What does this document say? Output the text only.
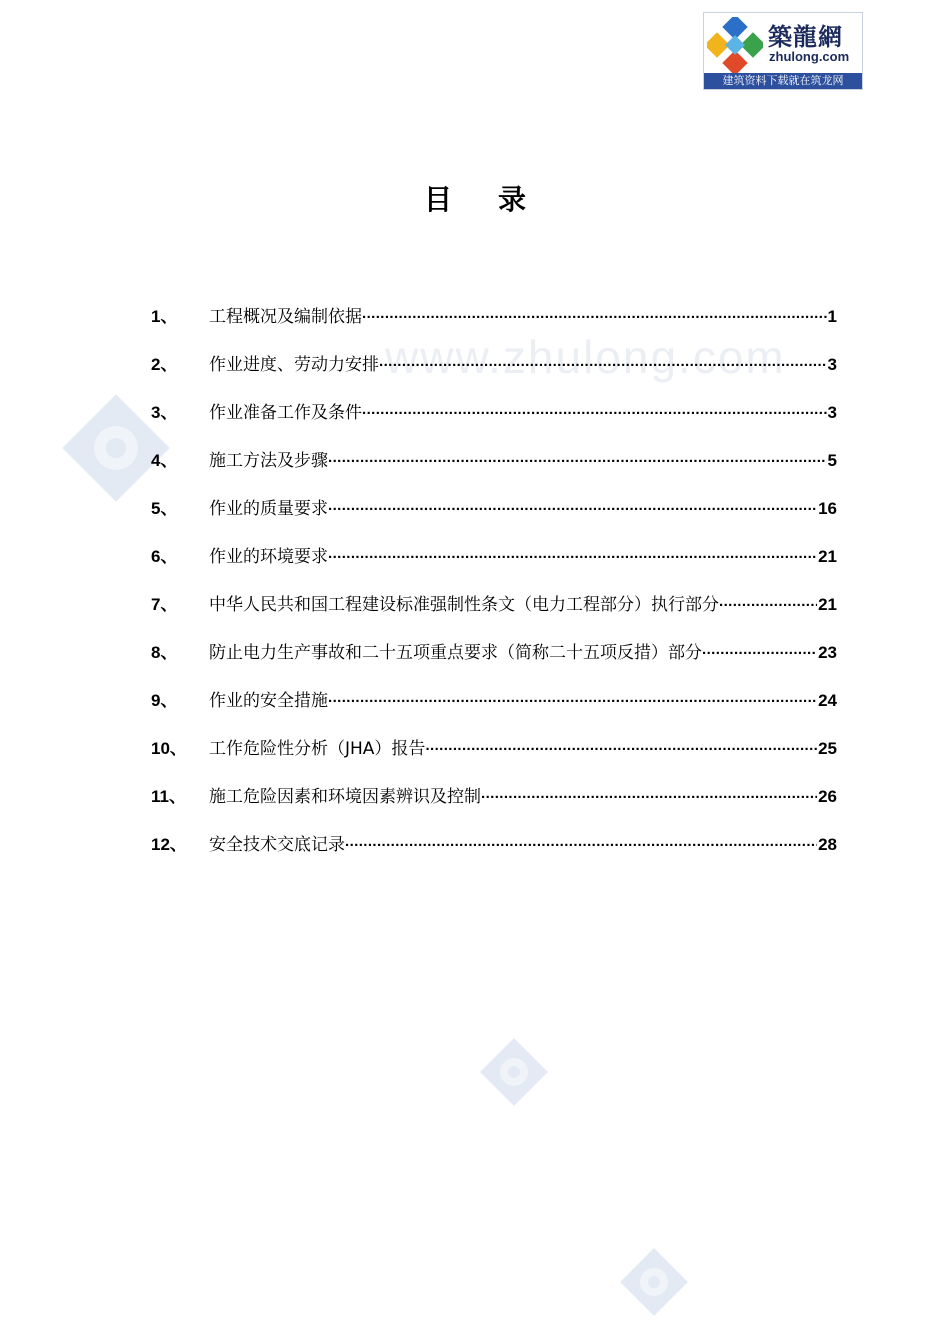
築龍網
zhulong.com
建筑资料下载就在筑龙网
www.zhulong.com
目录
1、	工程概况及编制依据 .....	1
2、	作业进度、劳动力安排 .....	3
3、	作业准备工作及条件 .....	3
4、	施工方法及步骤 .....	5
5、	作业的质量要求 .....	16
6、	作业的环境要求 .....	21
7、	中华人民共和国工程建设标准强制性条文（电力工程部分）执行部分 .....	21
8、	防止电力生产事故和二十五项重点要求（简称二十五项反措）部分 .....	23
9、	作业的安全措施 .....	24
10、	工作危险性分析（JHA）报告 .....	25
11、	施工危险因素和环境因素辨识及控制 .....	26
12、	安全技术交底记录 .....	28
